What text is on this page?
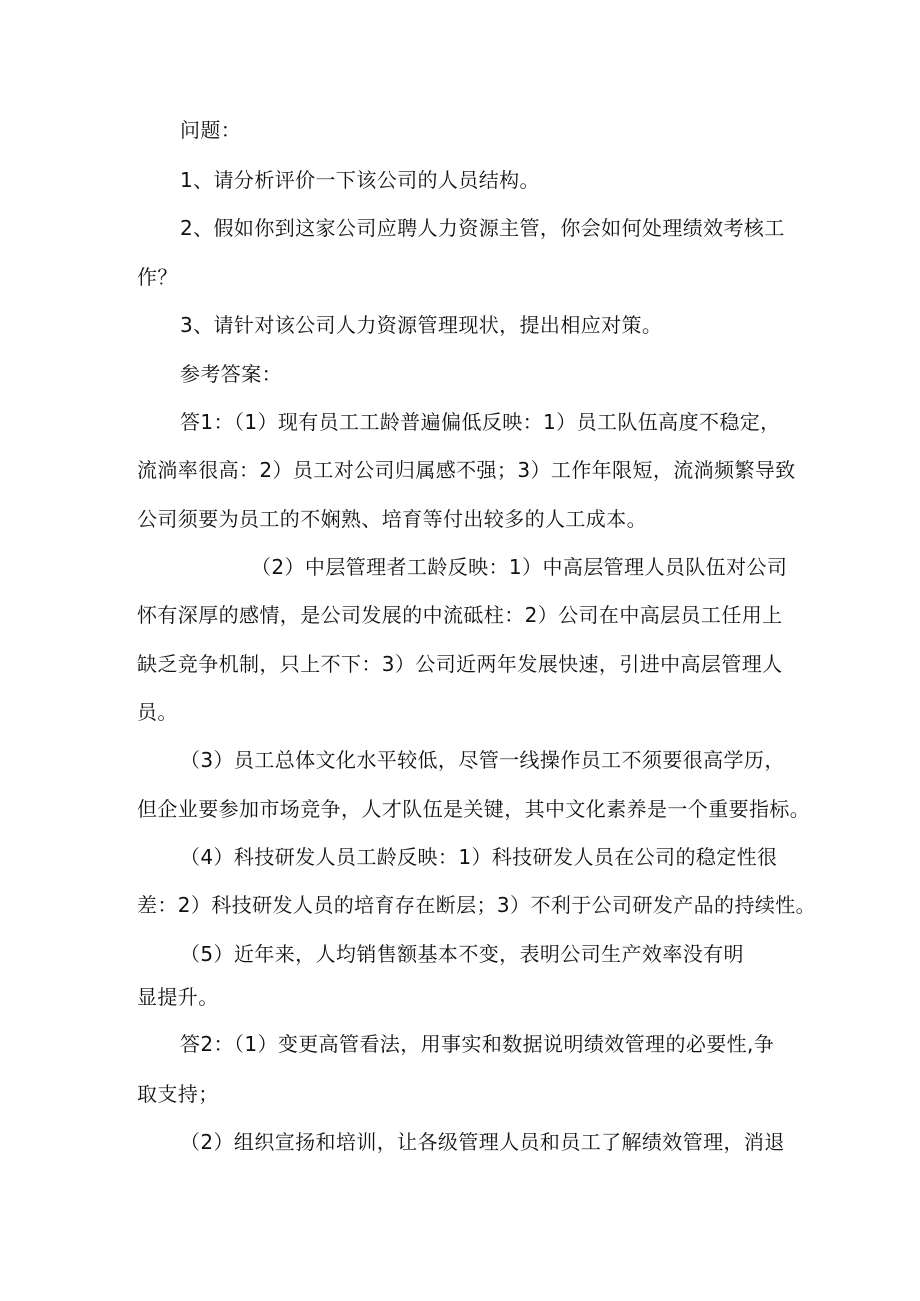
问题：
1、请分析评价一下该公司的人员结构。
2、假如你到这家公司应聘人力资源主管，你会如何处理绩效考核工
作？
3、请针对该公司人力资源管理现状，提出相应对策。
参考答案：
答1：（1）现有员工工龄普遍偏低反映：1）员工队伍高度不稳定，
流淌率很高：2）员工对公司归属感不强；3）工作年限短，流淌频繁导致
公司须要为员工的不娴熟、培育等付出较多的人工成本。
（2）中层管理者工龄反映：1）中高层管理人员队伍对公司
怀有深厚的感情，是公司发展的中流砥柱：2）公司在中高层员工任用上
缺乏竞争机制，只上不下：3）公司近两年发展快速，引进中高层管理人
员。
（3）员工总体文化水平较低，尽管一线操作员工不须要很高学历，
但企业要参加市场竞争，人才队伍是关键，其中文化素养是一个重要指标。
（4）科技研发人员工龄反映：1）科技研发人员在公司的稳定性很
差：2）科技研发人员的培育存在断层；3）不利于公司研发产品的持续性。
（5）近年来，人均销售额基本不变，表明公司生产效率没有明
显提升。
答2：（1）变更高管看法，用事实和数据说明绩效管理的必要性,争
取支持；
（2）组织宣扬和培训，让各级管理人员和员工了解绩效管理，消退
